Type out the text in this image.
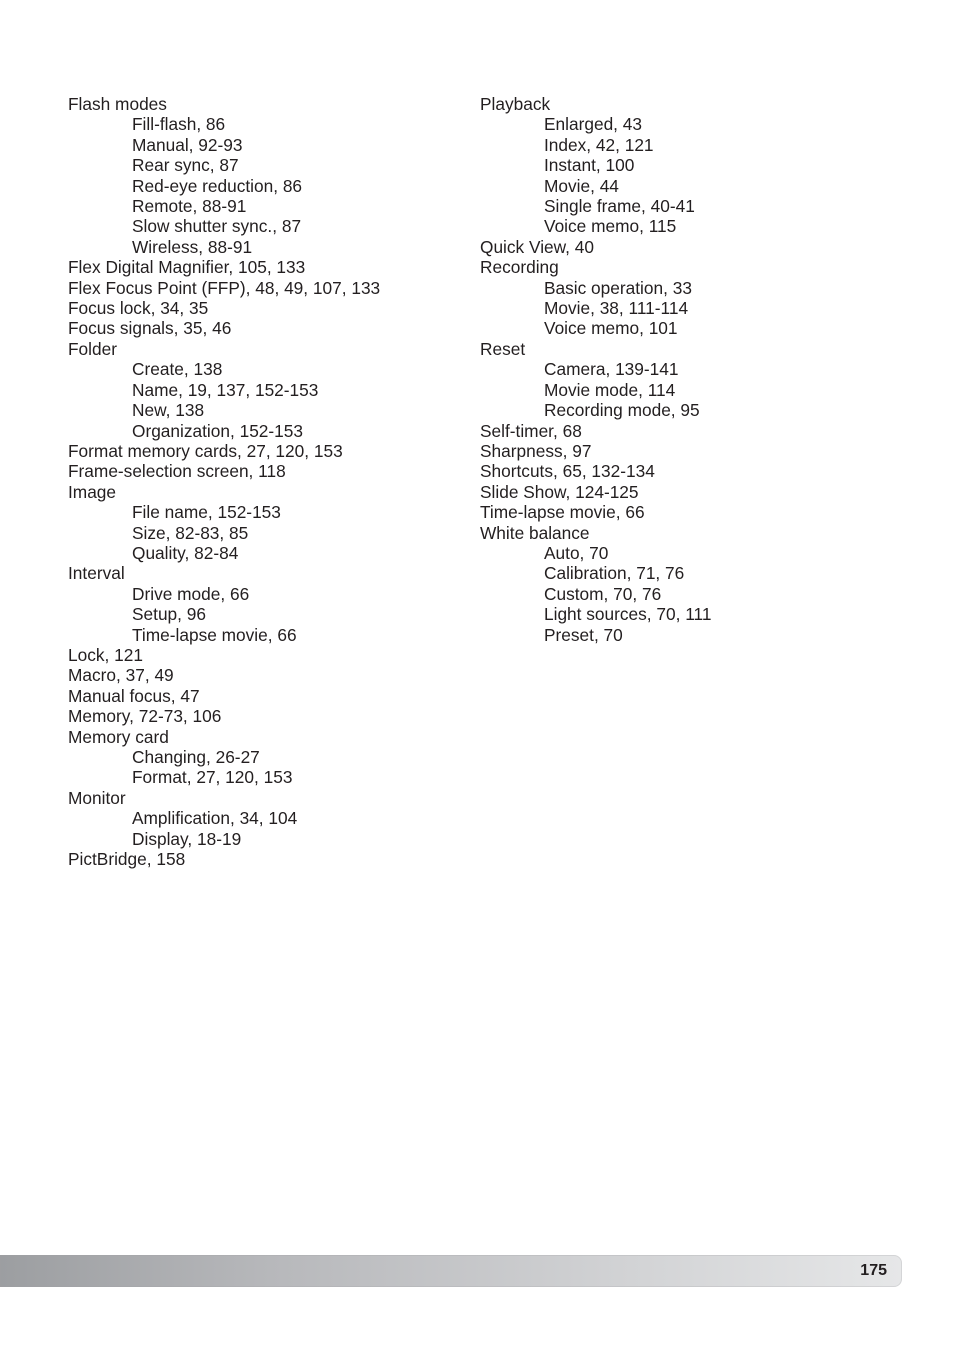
Flash modes
Fill-flash, 86
Manual, 92-93
Rear sync, 87
Red-eye reduction, 86
Remote, 88-91
Slow shutter sync., 87
Wireless, 88-91
Flex Digital Magnifier, 105, 133
Flex Focus Point (FFP), 48, 49, 107, 133
Focus lock, 34, 35
Focus signals, 35, 46
Folder
Create, 138
Name, 19, 137, 152-153
New, 138
Organization, 152-153
Format memory cards, 27, 120, 153
Frame-selection screen, 118
Image
File name, 152-153
Size, 82-83, 85
Quality, 82-84
Interval
Drive mode, 66
Setup, 96
Time-lapse movie, 66
Lock, 121
Macro, 37, 49
Manual focus, 47
Memory, 72-73, 106
Memory card
Changing, 26-27
Format, 27, 120, 153
Monitor
Amplification, 34, 104
Display, 18-19
PictBridge, 158
Playback
Enlarged, 43
Index, 42, 121
Instant, 100
Movie, 44
Single frame, 40-41
Voice memo, 115
Quick View, 40
Recording
Basic operation, 33
Movie, 38, 111-114
Voice memo, 101
Reset
Camera, 139-141
Movie mode, 114
Recording mode, 95
Self-timer, 68
Sharpness, 97
Shortcuts, 65, 132-134
Slide Show, 124-125
Time-lapse movie, 66
White balance
Auto, 70
Calibration, 71, 76
Custom, 70, 76
Light sources, 70, 111
Preset, 70
175
